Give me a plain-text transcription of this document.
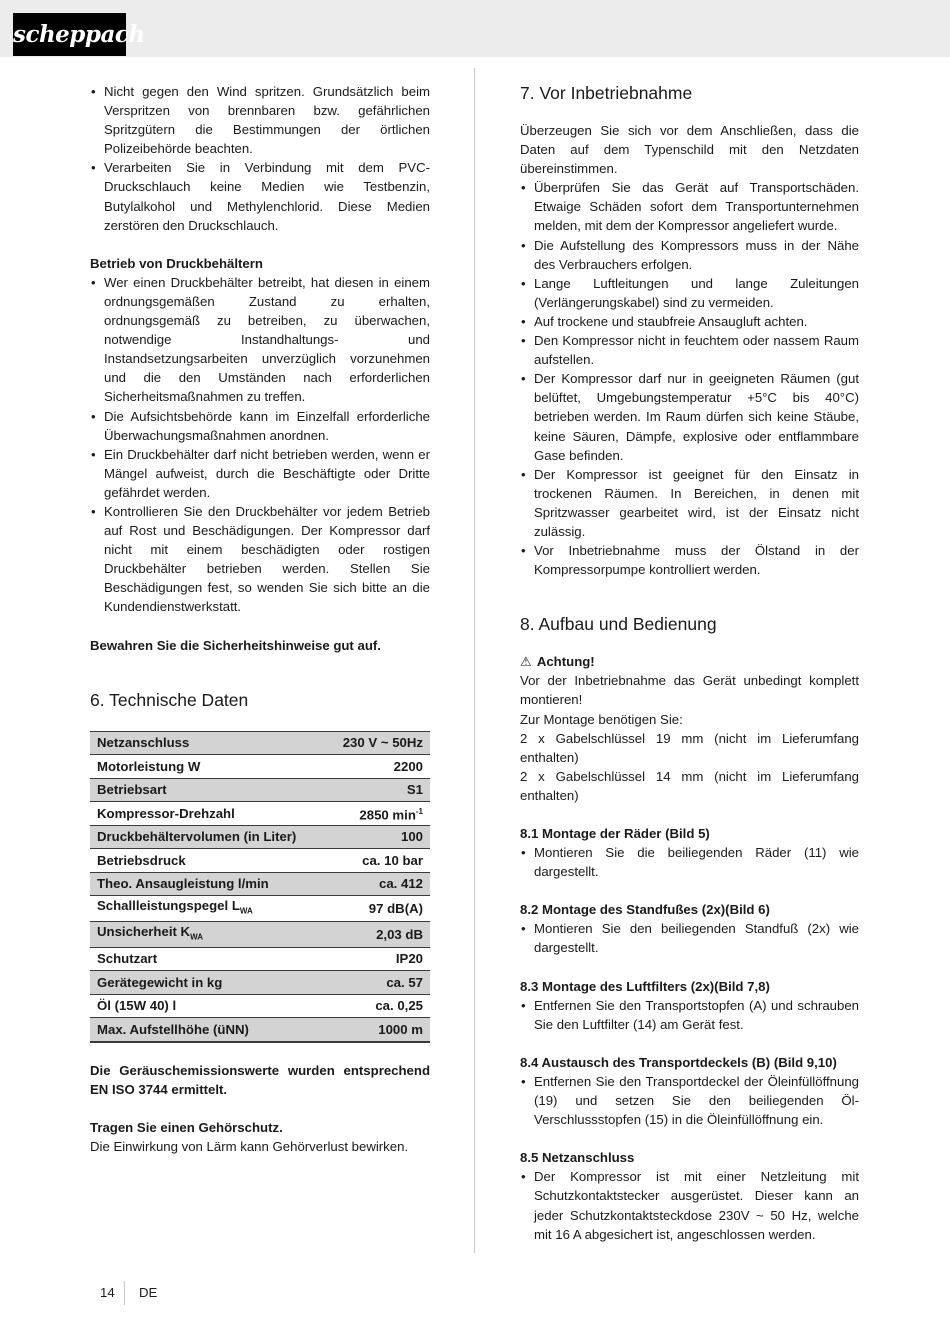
scheppach
• Nicht gegen den Wind spritzen. Grundsätzlich beim Verspritzen von brennbaren bzw. gefährlichen Spritzgütern die Bestimmungen der örtlichen Polizeibehörde beachten.
• Verarbeiten Sie in Verbindung mit dem PVC-Druckschlauch keine Medien wie Testbenzin, Butylalkohol und Methylenchlorid. Diese Medien zerstören den Druckschlauch.

Betrieb von Druckbehältern

• Wer einen Druckbehälter betreibt, hat diesen in einem ordnungsgemäßen Zustand zu erhalten, ordnungsgemäß zu betreiben, zu überwachen, notwendige Instandhaltungs- und Instandsetzungsarbeiten unverzüglich vorzunehmen und die den Umständen nach erforderlichen Sicherheitsmaßnahmen zu treffen.
• Die Aufsichtsbehörde kann im Einzelfall erforderliche Überwachungsmaßnahmen anordnen.
• Ein Druckbehälter darf nicht betrieben werden, wenn er Mängel aufweist, durch die Beschäftigte oder Dritte gefährdet werden.
• Kontrollieren Sie den Druckbehälter vor jedem Betrieb auf Rost und Beschädigungen. Der Kompressor darf nicht mit einem beschädigten oder rostigen Druckbehälter betrieben werden. Stellen Sie Beschädigungen fest, so wenden Sie sich bitte an die Kundendienstwerkstatt.

Bewahren Sie die Sicherheitshinweise gut auf.

6. Technische Daten
Netzanschluss	230 V ~ 50Hz
Motorleistung W	2200
Betriebsart	S1
Kompressor-Drehzahl	2850 $\min^{-1}$
Druckbehältervolumen (in Liter)	100
Betriebsdruck	ca. 10 bar
Theo. Ansaugleistung l/min	ca. 412
Schallleistungspegel $L_{WA}$	97 dB(A)
Unsicherheit $K_{WA}$	2,03 dB
Schutzart	IP20
Gerätegewicht in kg	ca. 57
Öl (15W 40) l	ca. 0,25
Max. Aufstellhöhe (üNN)	1000 m

Die Geräuschemissionswerte wurden entsprechend EN ISO 3744 ermittelt.

Tragen Sie einen Gehörschutz.

Die Einwirkung von Lärm kann Gehörverlust bewirken.

7. Vor Inbetriebnahme

Überzeugen Sie sich vor dem Anschließen, dass die Daten auf dem Typenschild mit den Netzdaten übereinstimmen.

• Überprüfen Sie das Gerät auf Transportschäden. Etwaige Schäden sofort dem Transportunternehmen melden, mit dem der Kompressor angeliefert wurde.
• Die Aufstellung des Kompressors muss in der Nähe des Verbrauchers erfolgen.
• Lange Luftleitungen und lange Zuleitungen (Verlängerungskabel) sind zu vermeiden.
• Auf trockene und staubfreie Ansaugluft achten.
• Den Kompressor nicht in feuchtem oder nassem Raum aufstellen.
• Der Kompressor darf nur in geeigneten Räumen (gut belüftet, Umgebungstemperatur +5°C bis 40°C) betrieben werden. Im Raum dürfen sich keine Stäube, keine Säuren, Dämpfe, explosive oder entflammbare Gase befinden.
• Der Kompressor ist geeignet für den Einsatz in trockenen Räumen. In Bereichen, in denen mit Spritzwasser gearbeitet wird, ist der Einsatz nicht zulässig.
• Vor Inbetriebnahme muss der Ölstand in der Kompressorpumpe kontrolliert werden.
8. Aufbau und Bedienung

⚠ Achtung!

Vor der Inbetriebnahme das Gerät unbedingt komplett montieren!

Zur Montage benötigen Sie:

2 x Gabelschlüssel 19 mm (nicht im Lieferumfang enthalten)

2 x Gabelschlüssel 14 mm (nicht im Lieferumfang enthalten)

8.1 Montage der Räder (Bild 5)

• Montieren Sie die beiliegenden Räder (11) wie dargestellt.

8.2 Montage des Standfußes (2x)(Bild 6)

• Montieren Sie den beiliegenden Standfuß (2x) wie dargestellt.

8.3 Montage des Luftfilters (2x)(Bild 7,8)

• Entfernen Sie den Transportstopfen (A) und schrauben Sie den Luftfilter (14) am Gerät fest.

8.4 Austausch des Transportdeckels (B) (Bild 9,10)

• Entfernen Sie den Transportdeckel der Öleinfüllöffnung (19) und setzen Sie den beiliegenden Öl- Verschlussstopfen (15) in die Öleinfüllöffnung ein.

8.5 Netzanschluss

• Der Kompressor ist mit einer Netzleitung mit Schutzkontaktstecker ausgerüstet. Dieser kann an jeder Schutzkontaktsteckdose 230V ~ 50 Hz, welche mit 16 A abgesichert ist, angeschlossen werden.
14 DE
